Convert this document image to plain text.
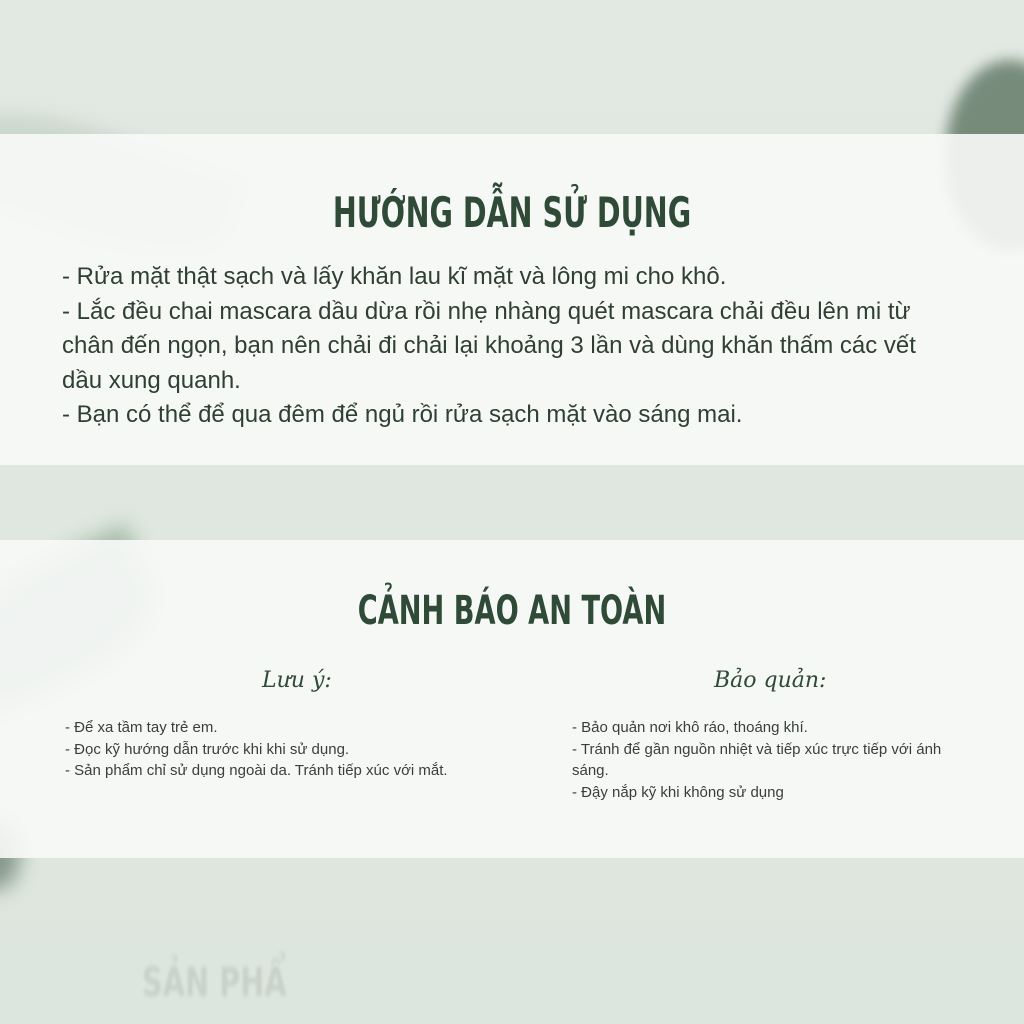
HƯỚNG DẪN SỬ DỤNG
- Rửa mặt thật sạch và lấy khăn lau kĩ mặt và lông mi cho khô.
- Lắc đều chai mascara dầu dừa rồi nhẹ nhàng quét mascara chải đều lên mi từ chân đến ngọn, bạn nên chải đi chải lại khoảng 3 lần và dùng khăn thấm các vết dầu xung quanh.
- Bạn có thể để qua đêm để ngủ rồi rửa sạch mặt vào sáng mai.
CẢNH BÁO AN TOÀN

Lưu ý:

- Để xa tầm tay trẻ em.
- Đọc kỹ hướng dẫn trước khi khi sử dụng.
- Sản phẩm chỉ sử dụng ngoài da. Tránh tiếp xúc với mắt.

Bảo quản:

- Bảo quản nơi khô ráo, thoáng khí.
- Tránh để gần nguồn nhiệt và tiếp xúc trực tiếp với ánh sáng.
- Đậy nắp kỹ khi không sử dụng

SẢN PHẨ
